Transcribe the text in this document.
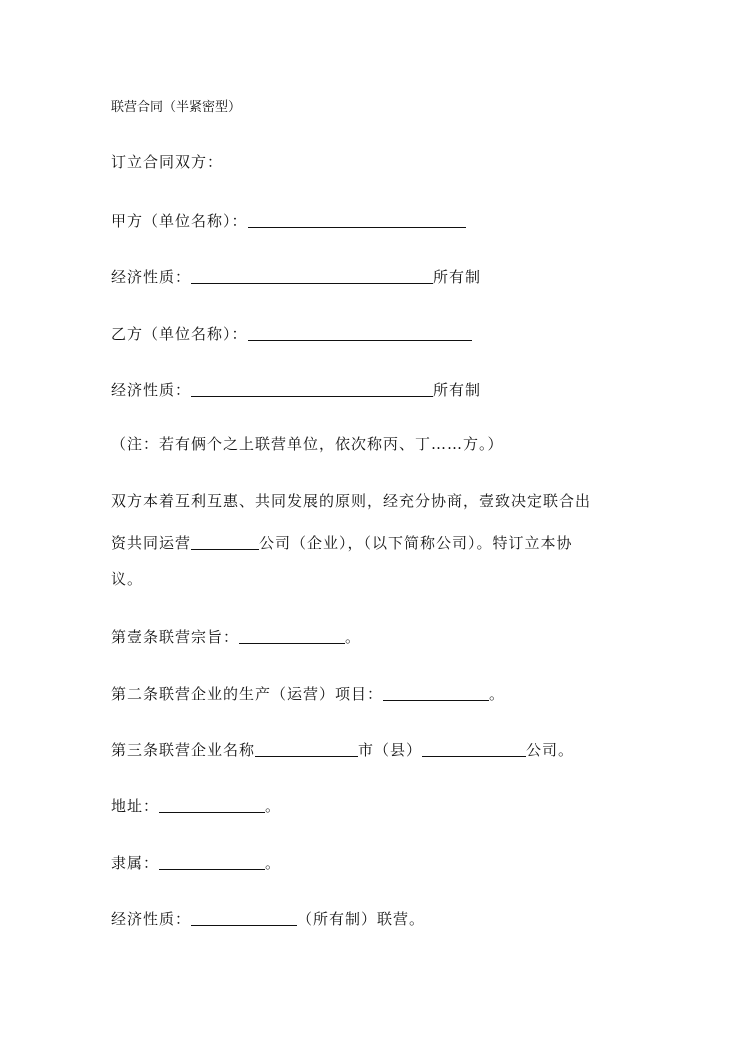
联营合同（半紧密型）
订立合同双方：
甲方（单位名称）：
经济性质：	所有制
乙方（单位名称）：
经济性质：	所有制
（注：若有俩个之上联营单位，依次称丙、丁……方。）
双方本着互利互惠、共同发展的原则，经充分协商，壹致决定联合出
资共同运营	公司（企业），（以下简称公司）。特订立本协
议。
第壹条联营宗旨：	。
第二条联营企业的生产（运营）项目：	。
第三条联营企业名称	市（县）	公司。
地址：	。
隶属：	。
经济性质：	（所有制）联营。
